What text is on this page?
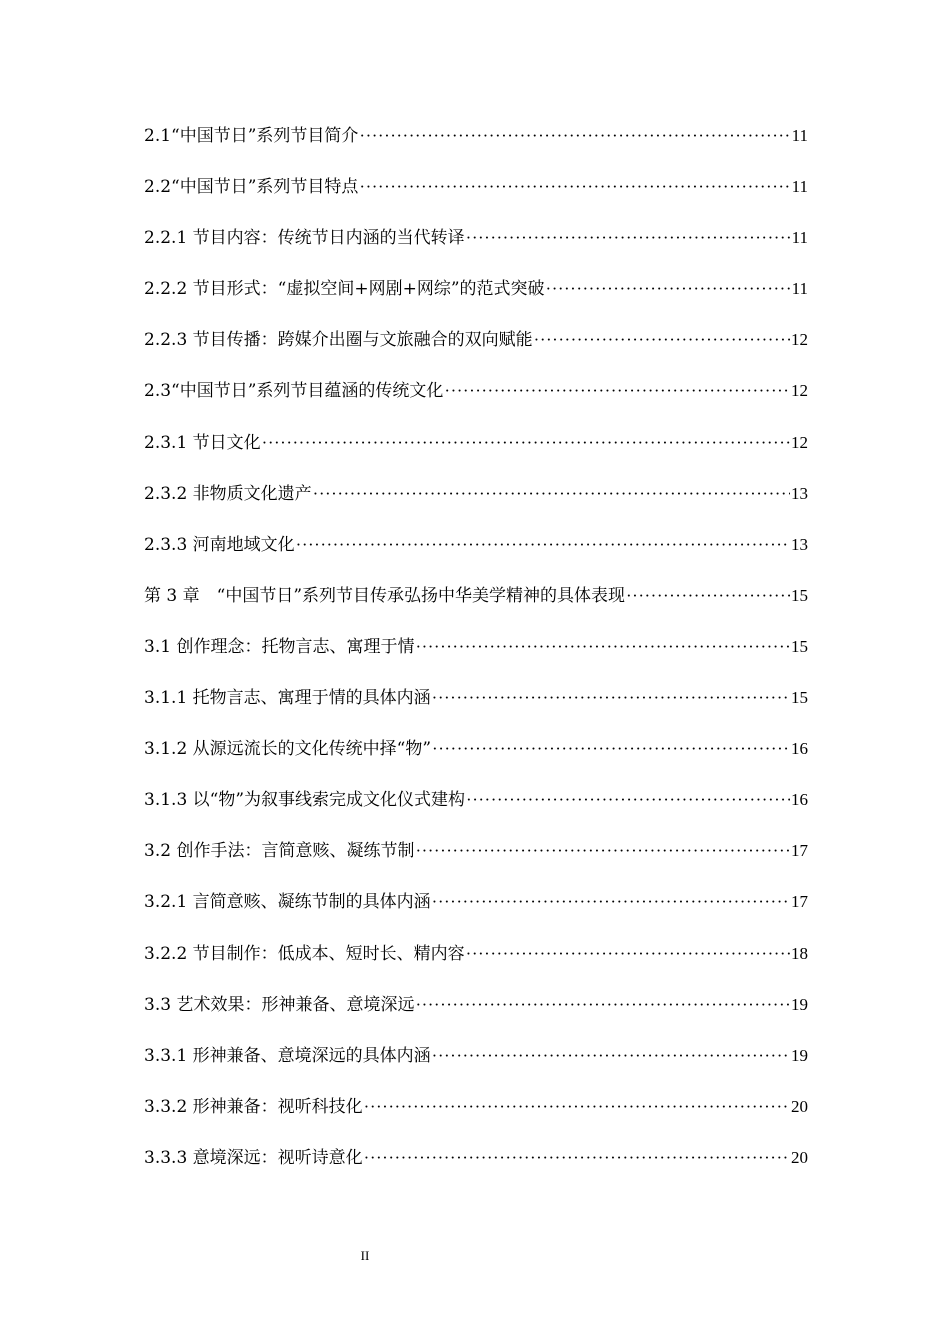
2.1“中国节日”系列节目简介 ·····	11
2.2“中国节日”系列节目特点 ·····	11
2.2.1 节目内容：传统节日内涵的当代转译 ·····	11
2.2.2 节目形式：“虚拟空间+网剧+网综”的范式突破 ·····	11
2.2.3 节目传播：跨媒介出圈与文旅融合的双向赋能 ·····	12
2.3“中国节日”系列节目蕴涵的传统文化 ·····	12
2.3.1 节日文化 ·····	12
2.3.2 非物质文化遗产 ·····	13
2.3.3 河南地域文化 ·····	13
第 3 章　“中国节日”系列节目传承弘扬中华美学精神的具体表现 ·····	15
3.1 创作理念：托物言志、寓理于情 ·····	15
3.1.1 托物言志、寓理于情的具体内涵 ·····	15
3.1.2 从源远流长的文化传统中择“物” ·····	16
3.1.3 以“物”为叙事线索完成文化仪式建构 ·····	16
3.2 创作手法：言简意赅、凝练节制 ·····	17
3.2.1 言简意赅、凝练节制的具体内涵 ·····	17
3.2.2 节目制作：低成本、短时长、精内容 ·····	18
3.3 艺术效果：形神兼备、意境深远 ·····	19
3.3.1 形神兼备、意境深远的具体内涵 ·····	19
3.3.2 形神兼备：视听科技化 ·····	20
3.3.3 意境深远：视听诗意化 ·····	20
II
